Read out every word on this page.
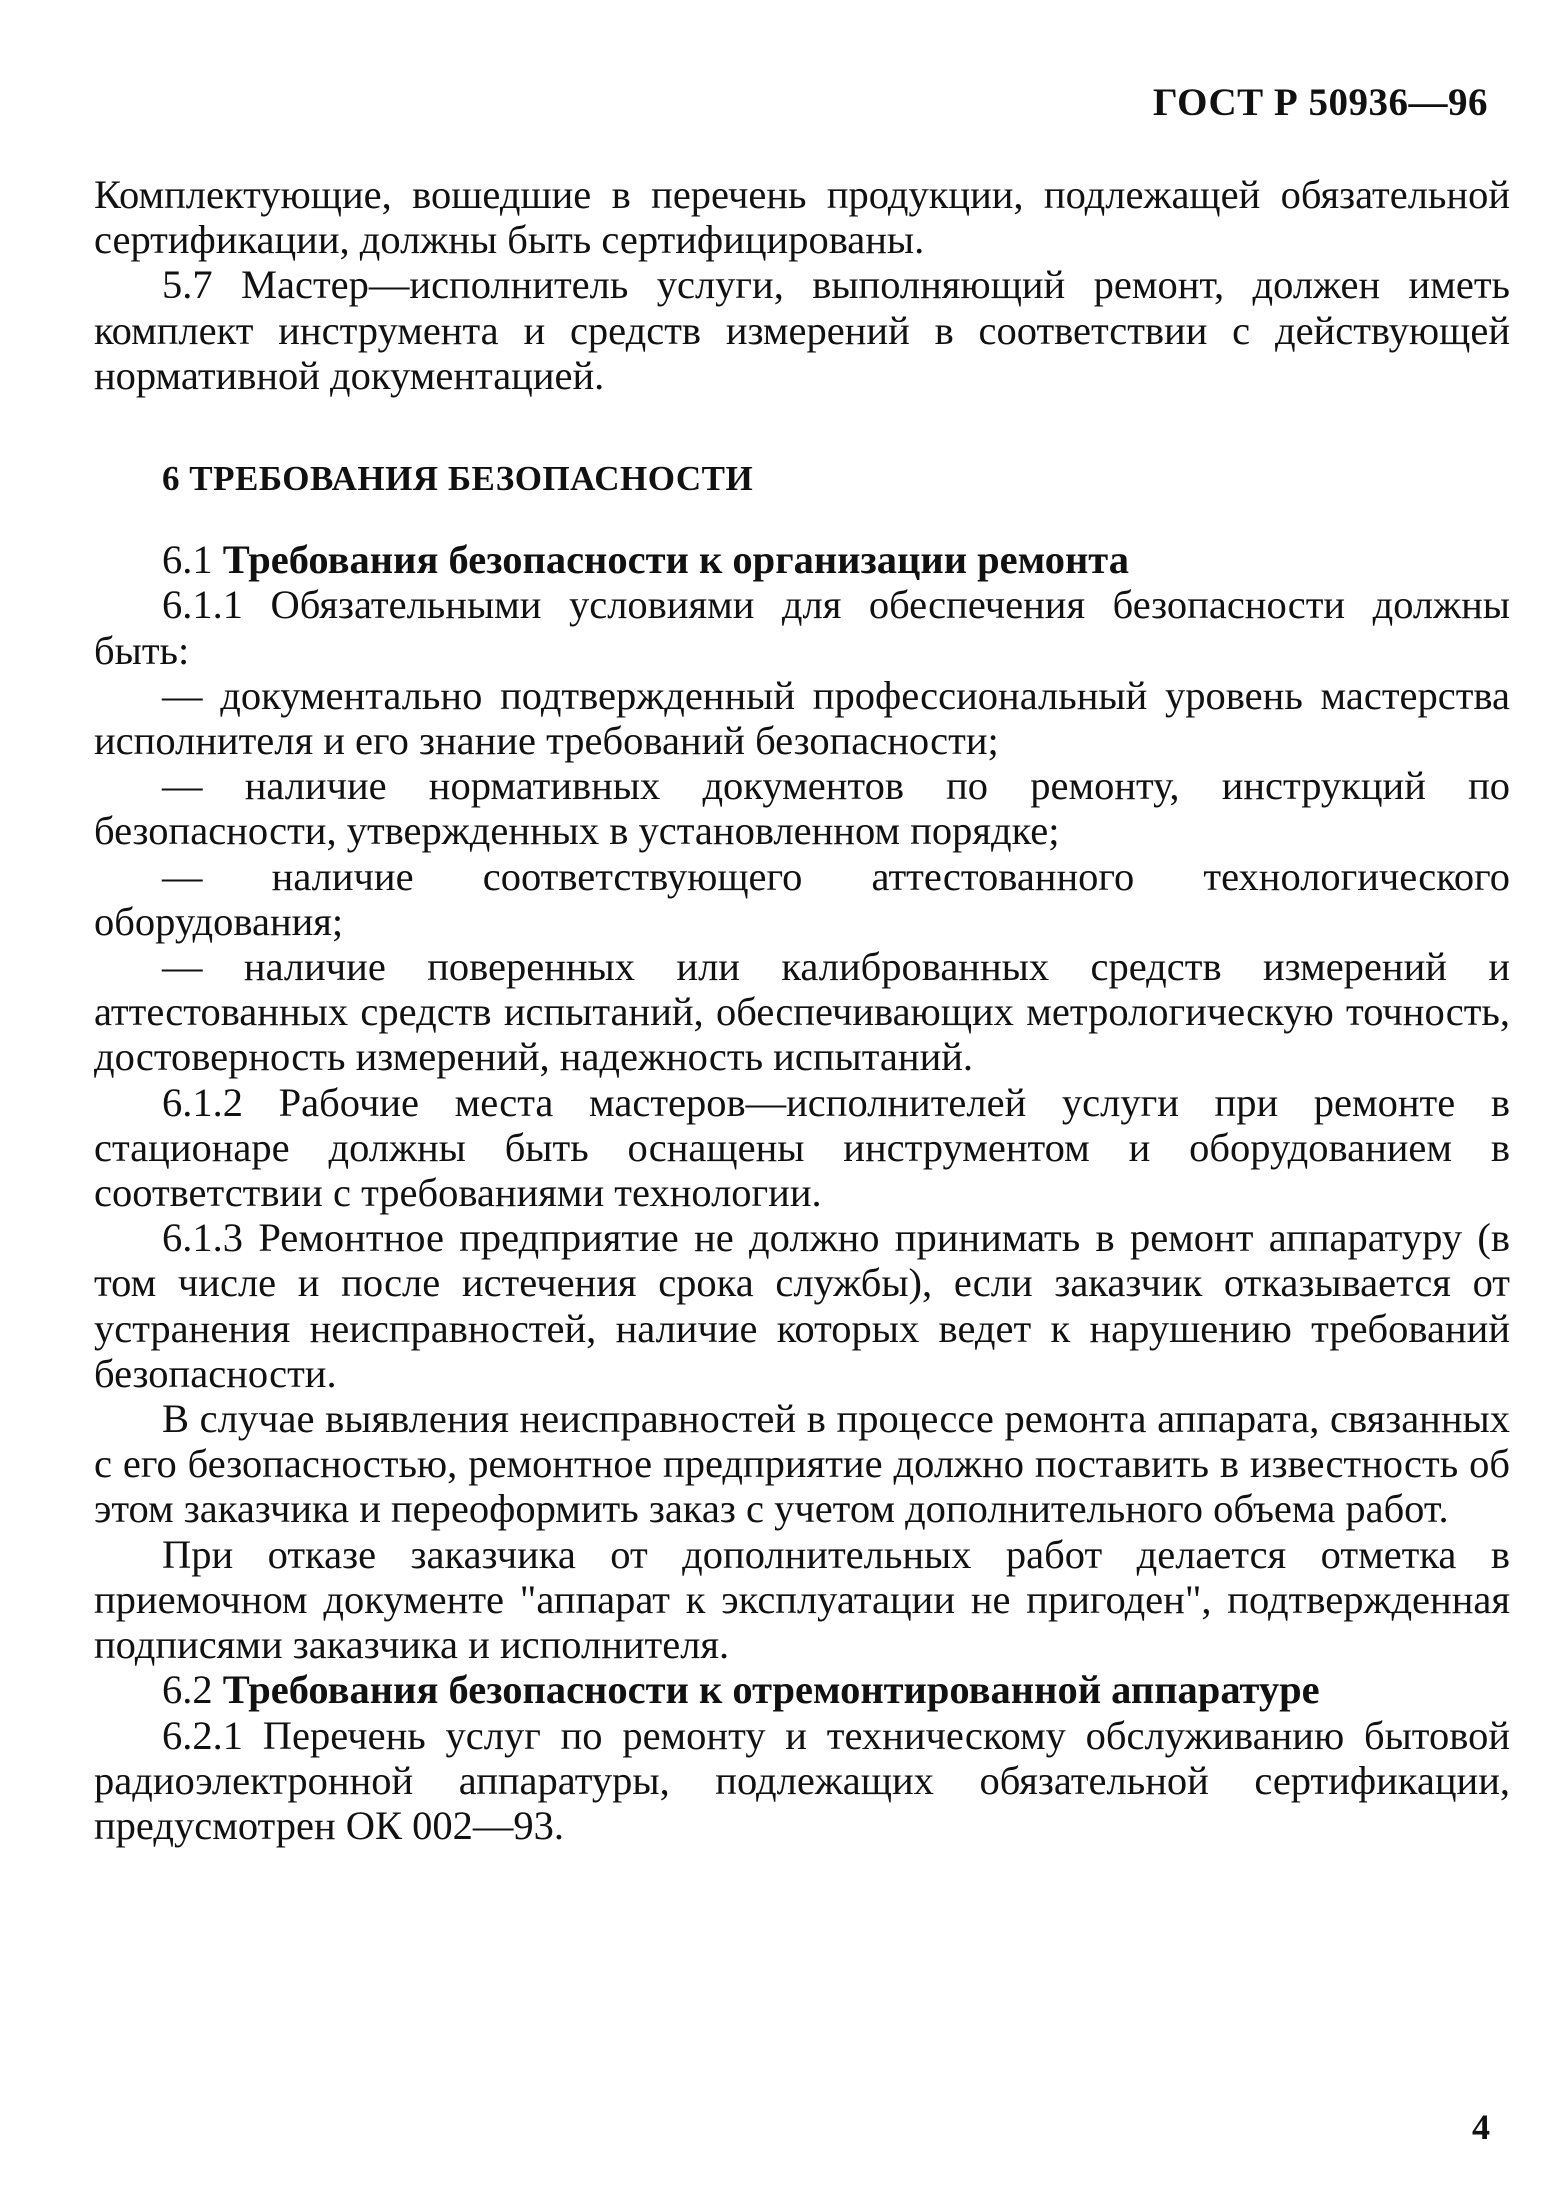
ГОСТ Р 50936—96

Комплектующие, вошедшие в перечень продукции, подлежащей обязательной сертификации, должны быть сертифицированы.

5.7 Мастер—исполнитель услуги, выполняющий ремонт, должен иметь комплект инструмента и средств измерений в соответствии с действующей нормативной документацией.

6 ТРЕБОВАНИЯ БЕЗОПАСНОСТИ

6.1 Требования безопасности к организации ремонта

6.1.1 Обязательными условиями для обеспечения безопасности должны быть:

— документально подтвержденный профессиональный уровень мастерства исполнителя и его знание требований безопасности;

— наличие нормативных документов по ремонту, инструкций по безопасности, утвержденных в установленном порядке;

— наличие соответствующего аттестованного технологического оборудования;

— наличие поверенных или калиброванных средств измерений и аттестованных средств испытаний, обеспечивающих метрологическую точность, достоверность измерений, надежность испытаний.

6.1.2 Рабочие места мастеров—исполнителей услуги при ремонте в стационаре должны быть оснащены инструментом и оборудованием в соответствии с требованиями технологии.

6.1.3 Ремонтное предприятие не должно принимать в ремонт аппаратуру (в том числе и после истечения срока службы), если заказчик отказывается от устранения неисправностей, наличие которых ведет к нарушению требований безопасности.

В случае выявления неисправностей в процессе ремонта аппарата, связанных с его безопасностью, ремонтное предприятие должно поставить в известность об этом заказчика и переоформить заказ с учетом дополнительного объема работ.

При отказе заказчика от дополнительных работ делается отметка в приемочном документе "аппарат к эксплуатации не пригоден", подтвержденная подписями заказчика и исполнителя.

6.2 Требования безопасности к отремонтированной аппаратуре

6.2.1 Перечень услуг по ремонту и техническому обслуживанию бытовой радиоэлектронной аппаратуры, подлежащих обязательной сертификации, предусмотрен ОК 002—93.

4
